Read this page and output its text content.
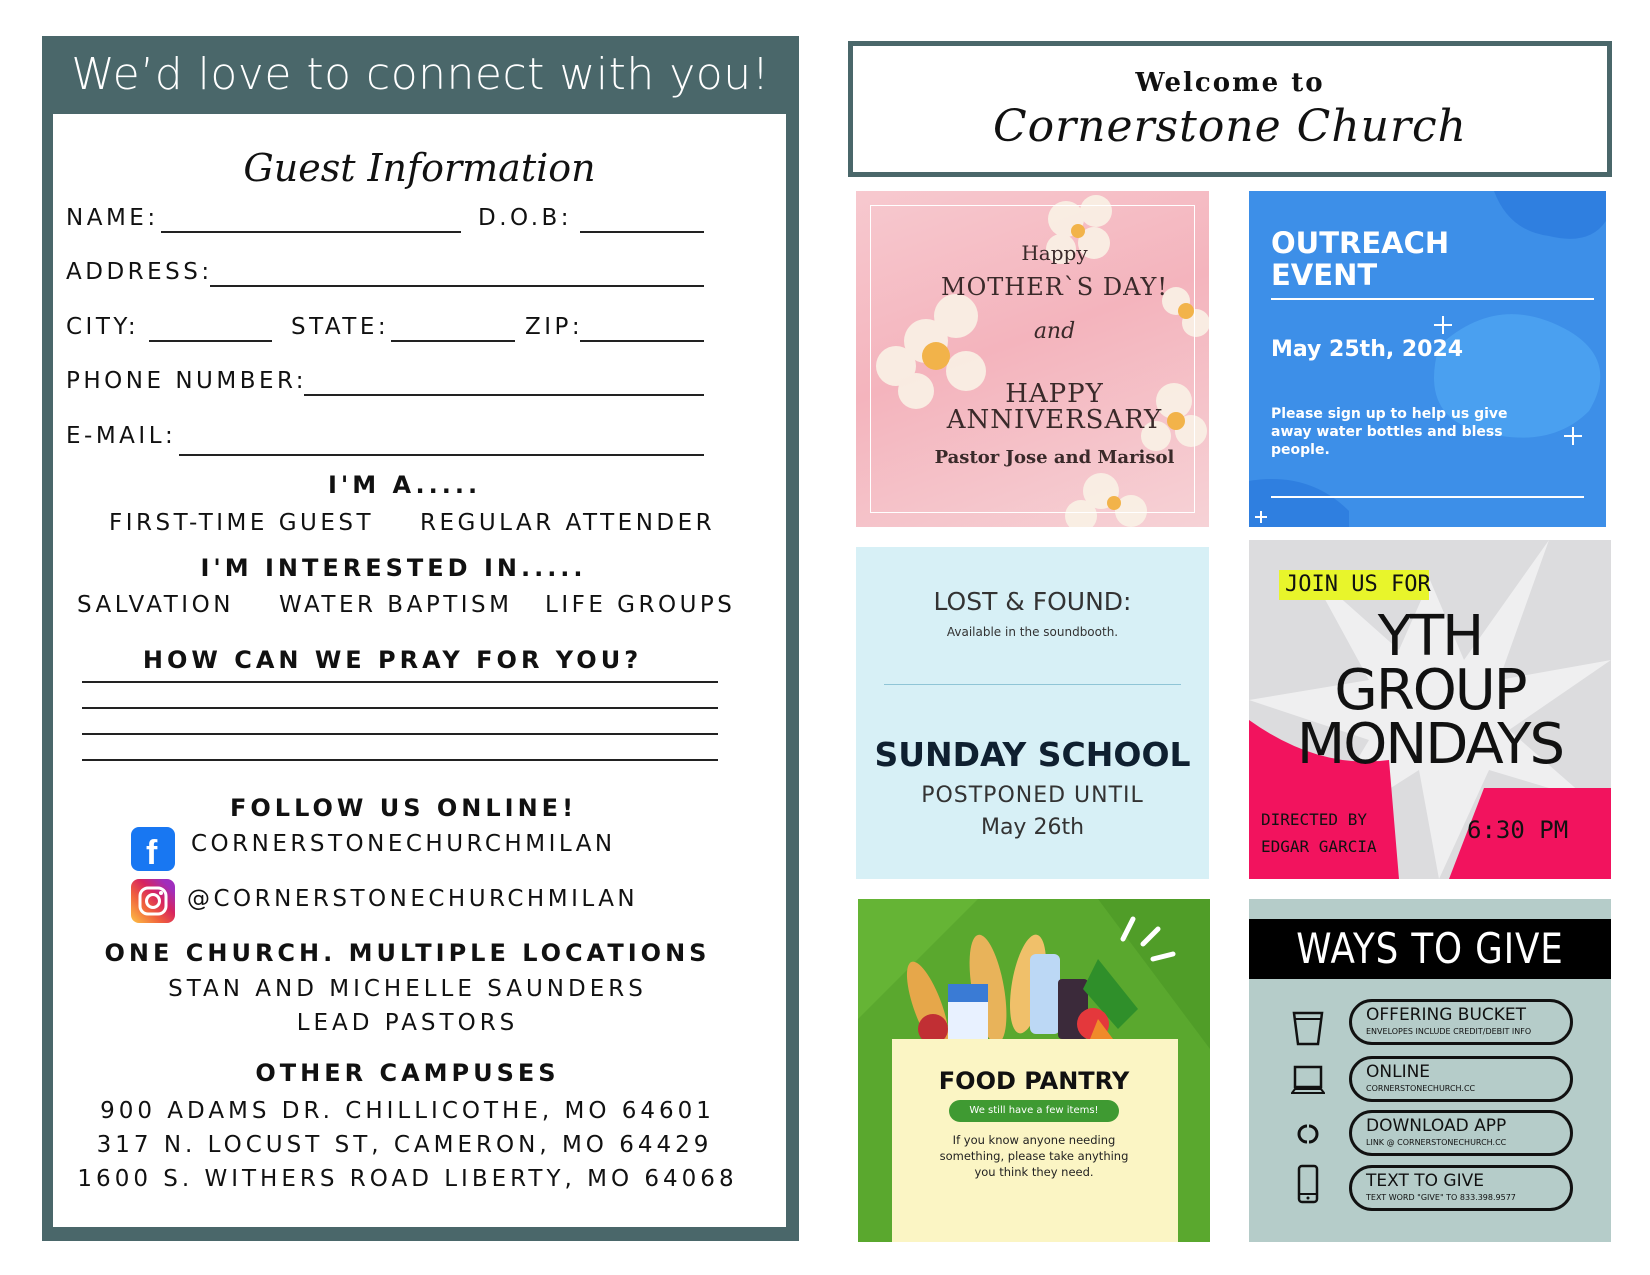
We’d love to connect with you!
Guest Information
NAME:	D.O.B:
ADDRESS:
CITY:	STATE:	ZIP:
PHONE NUMBER:
E-MAIL:
I'M A.....
FIRST-TIME GUEST REGULAR ATTENDER
I'M INTERESTED IN.....
SALVATION WATER BAPTISM LIFE GROUPS
HOW CAN WE PRAY FOR YOU?
FOLLOW US ONLINE!
f CORNERSTONECHURCHMILAN
@CORNERSTONECHURCHMILAN
ONE CHURCH. MULTIPLE LOCATIONS
STAN AND MICHELLE SAUNDERS
LEAD PASTORS
OTHER CAMPUSES
900 ADAMS DR. CHILLICOTHE, MO 64601
317 N. LOCUST ST, CAMERON, MO 64429
1600 S. WITHERS ROAD LIBERTY, MO 64068
Welcome to
Cornerstone Church
Happy
MOTHER`S DAY!
and
HAPPY
ANNIVERSARY
Pastor Jose and Marisol
OUTREACH
EVENT
May 25th, 2024
Please sign up to help us give away water bottles and bless people.
LOST & FOUND:
Available in the soundbooth.
SUNDAY SCHOOL
POSTPONED UNTIL
May 26th
JOIN US FOR
YTH
GROUP
MONDAYS
DIRECTED BY
EDGAR GARCIA
6:30 PM
FOOD PANTRY
We still have a few items!
If you know anyone needing something, please take anything you think they need.
WAYS TO GIVE
OFFERING BUCKET
ENVELOPES INCLUDE CREDIT/DEBIT INFO
ONLINE
CORNERSTONECHURCH.CC
DOWNLOAD APP
LINK @ CORNERSTONECHURCH.CC
TEXT TO GIVE
TEXT WORD "GIVE" TO 833.398.9577
